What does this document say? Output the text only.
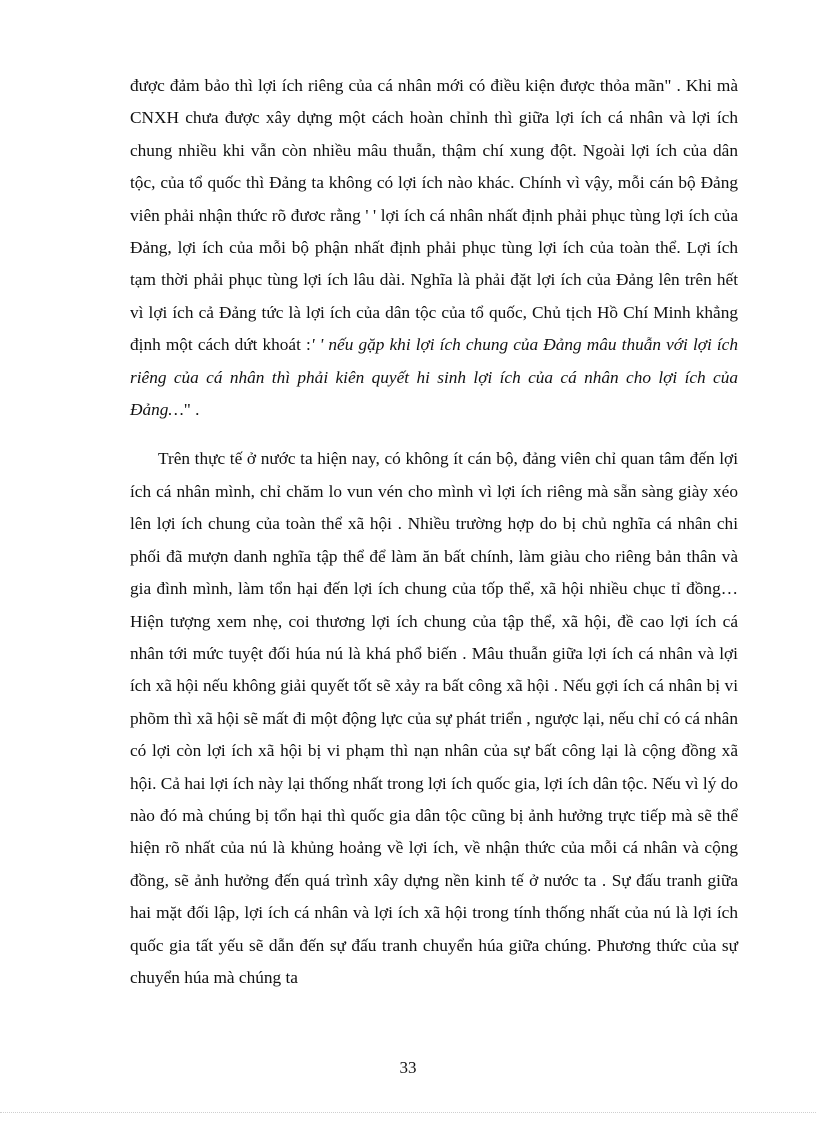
được đảm bảo thì lợi ích riêng của cá nhân mới có điều kiện được thỏa mãn" . Khi mà CNXH chưa được xây dựng một cách hoàn chỉnh thì giữa lợi ích cá nhân và lợi ích chung nhiều khi vẫn còn nhiều mâu thuẫn, thậm chí xung đột. Ngoài lợi ích của dân tộc, của tổ quốc thì Đảng ta không có lợi ích nào khác. Chính vì vậy, mỗi cán bộ Đảng viên phải nhận thức rõ đươc rằng ' ' lợi ích cá nhân nhất định phải phục tùng lợi ích của Đảng, lợi ích của mỗi bộ phận nhất định phải phục tùng lợi ích của toàn thể. Lợi ích tạm thời phải phục tùng lợi ích lâu dài. Nghĩa là phải đặt lợi ích của Đảng lên trên hết vì lợi ích cả Đảng tức là lợi ích của dân tộc của tổ quốc, Chủ tịch Hồ Chí Minh khẳng định một cách dứt khoát :' ' nếu gặp khi lợi ích chung của Đảng mâu thuẫn với lợi ích riêng của cá nhân thì phải kiên quyết hi sinh lợi ích của cá nhân cho lợi ích của Đảng…" .

Trên thực tế ở nước ta hiện nay, có không ít cán bộ, đảng viên chỉ quan tâm đến lợi ích cá nhân mình, chỉ chăm lo vun vén cho mình vì lợi ích riêng mà sẵn sàng giày xéo lên lợi ích chung của toàn thể xã hội . Nhiều trường hợp do bị chủ nghĩa cá nhân chi phối đã mượn danh nghĩa tập thể để làm ăn bất chính, làm giàu cho riêng bản thân và gia đình mình, làm tổn hại đến lợi ích chung của tốp thể, xã hội nhiều chục tỉ đồng… Hiện tượng xem nhẹ, coi thương lợi ích chung của tập thể, xã hội, đề cao lợi ích cá nhân tới mức tuyệt đối húa nú là khá phổ biến . Mâu thuẫn giữa lợi ích cá nhân và lợi ích xã hội nếu không giải quyết tốt sẽ xảy ra bất công xã hội . Nếu gợi ích cá nhân bị vi phõm thì xã hội sẽ mất đi một động lực của sự phát triển , ngược lại, nếu chỉ có cá nhân có lợi còn lợi ích xã hội bị vi phạm thì nạn nhân của sự bất công lại là cộng đồng xã hội. Cả hai lợi ích này lại thống nhất trong lợi ích quốc gia, lợi ích dân tộc. Nếu vì lý do nào đó mà chúng bị tổn hại thì quốc gia dân tộc cũng bị ảnh hưởng trực tiếp mà sẽ thể hiện rõ nhất của nú là khủng hoảng về lợi ích, về nhận thức của mỗi cá nhân và cộng đồng, sẽ ảnh hưởng đến quá trình xây dựng nền kinh tế ở nước ta . Sự đấu tranh giữa hai mặt đối lập, lợi ích cá nhân và lợi ích xã hội trong tính thống nhất của nú là lợi ích quốc gia tất yếu sẽ dẫn đến sự đấu tranh chuyển húa giữa chúng. Phương thức của sự chuyển húa mà chúng ta

33
